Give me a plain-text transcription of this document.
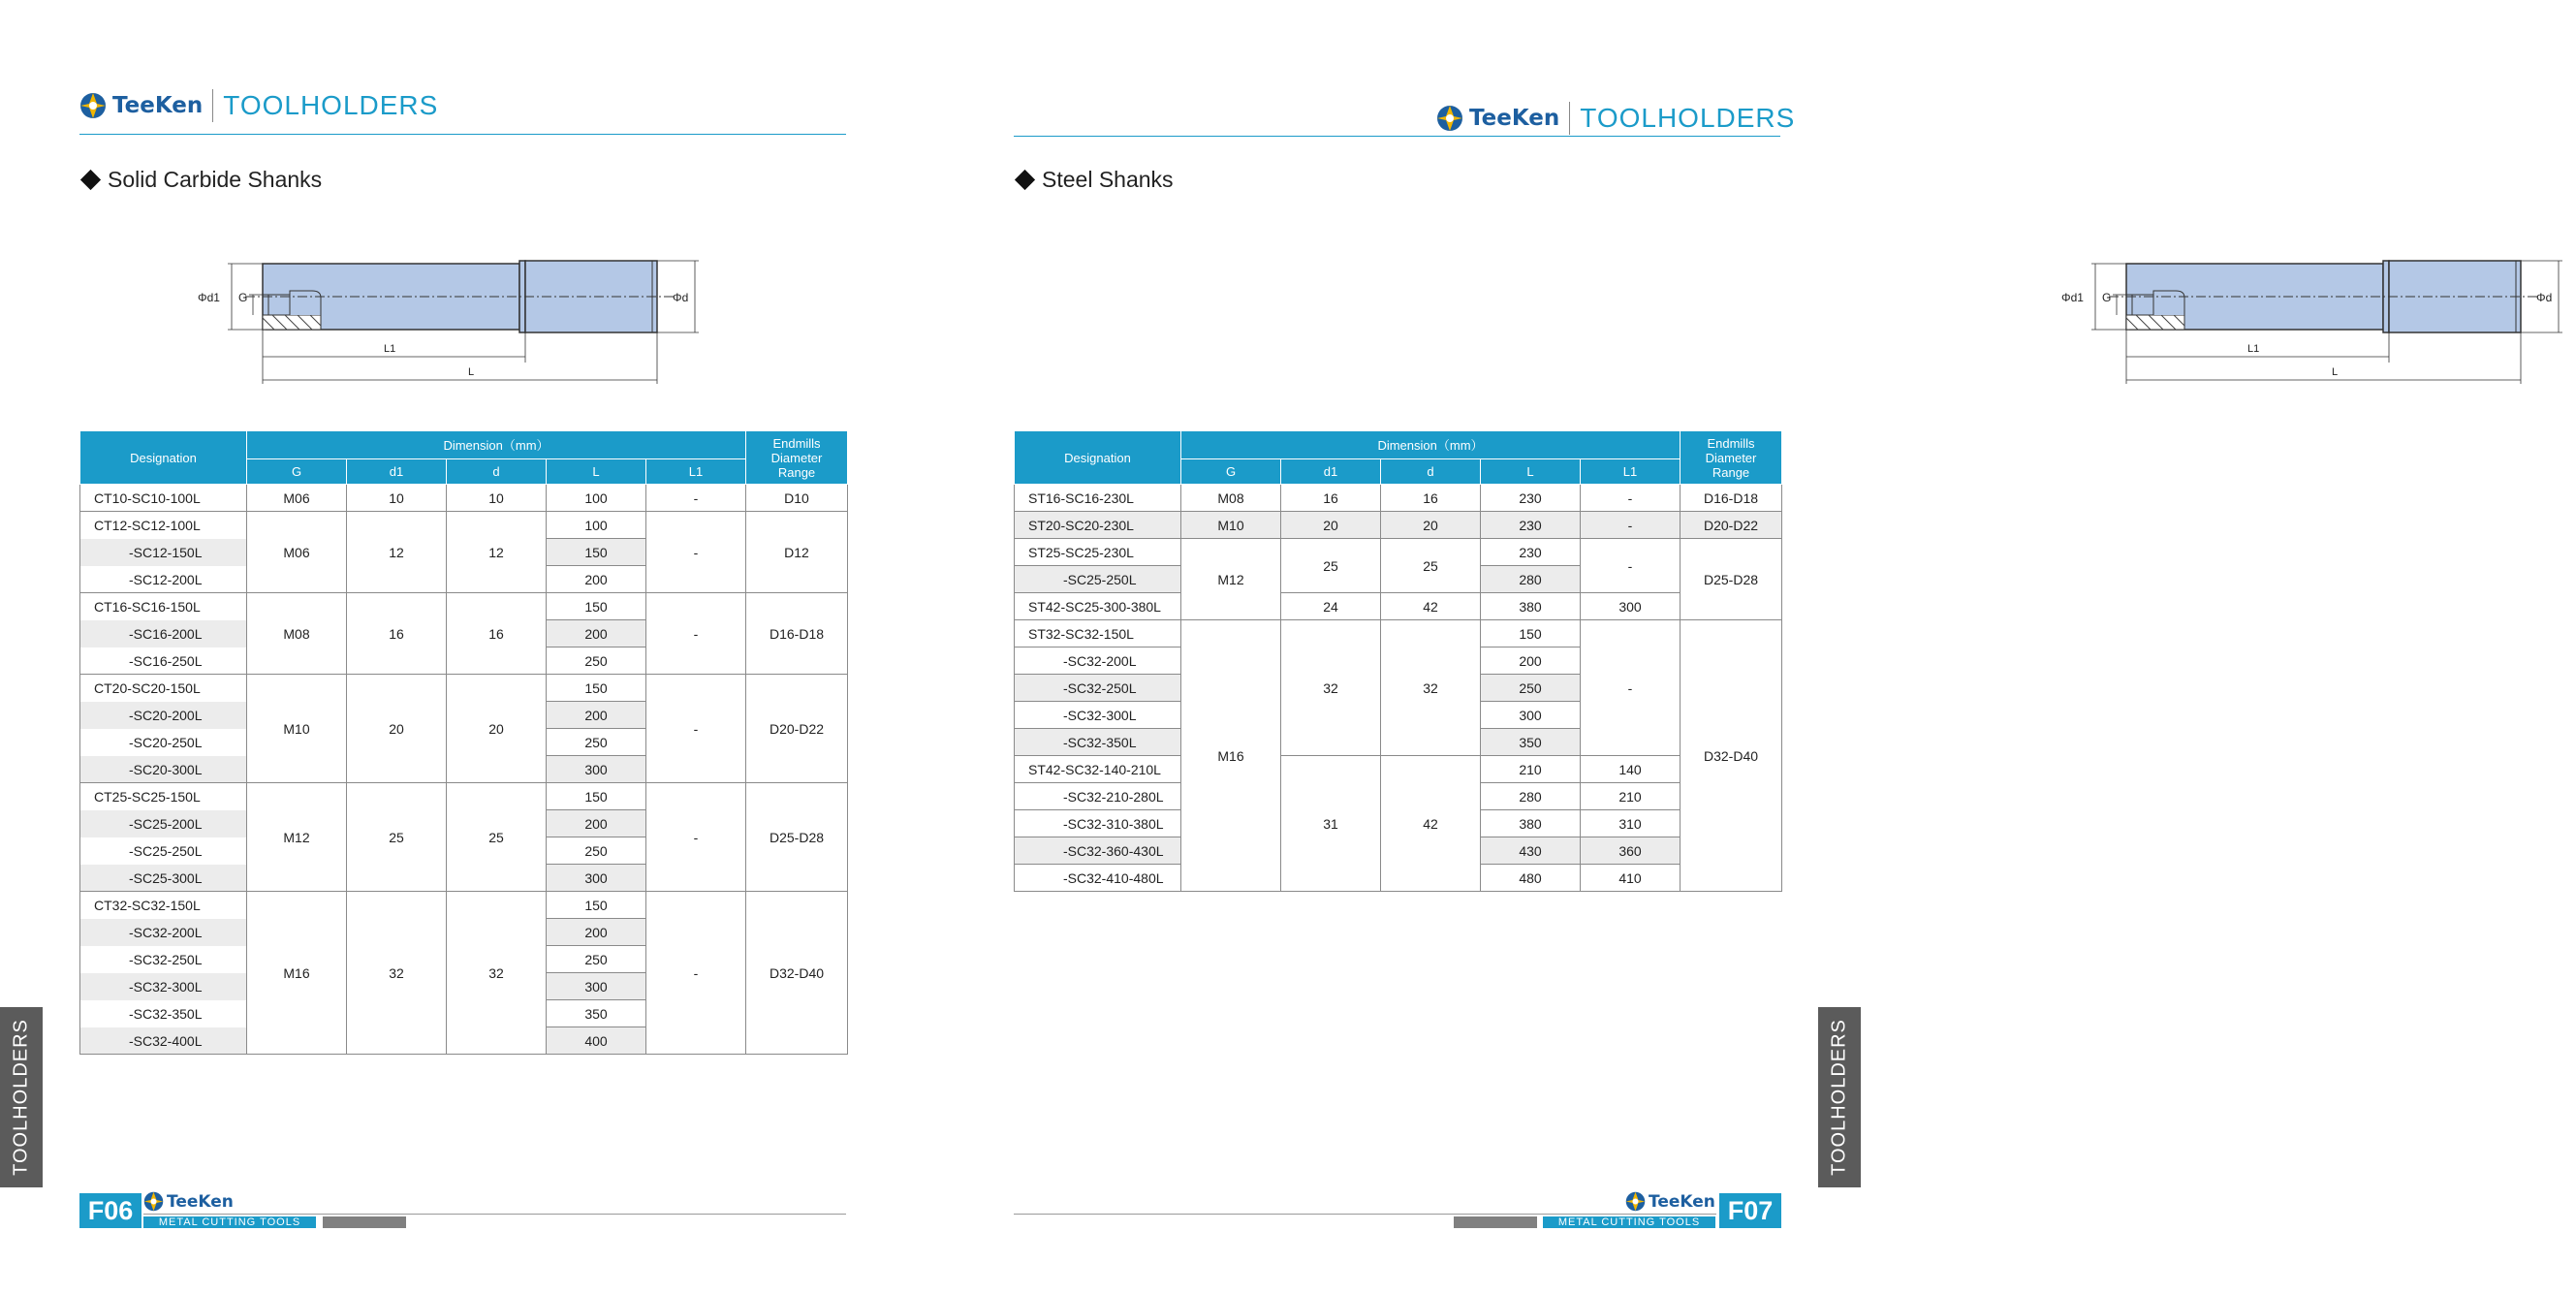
TeeKen TOOLHOLDERS
Solid Carbide Shanks
Φd1 G	Φd
L1
L
Designation	Dimension（mm）					Endmills
Diameter
Range
	G	d1	d	L	L1	
CT10-SC10-100L	M06	10	10	100	-	D10
CT12-SC12-100L	M06	12	12	100	-	D12
-SC12-150L				150		
-SC12-200L				200		
CT16-SC16-150L	M08	16	16	150	-	D16-D18
-SC16-200L				200		
-SC16-250L				250		
CT20-SC20-150L	M10	20	20	150	-	D20-D22
-SC20-200L				200		
-SC20-250L				250		
-SC20-300L				300		
CT25-SC25-150L	M12	25	25	150	-	D25-D28
-SC25-200L				200		
-SC25-250L				250		
-SC25-300L				300		
CT32-SC32-150L	M16	32	32	150	-	D32-D40
-SC32-200L				200		
-SC32-250L				250		
-SC32-300L				300		
-SC32-350L				350		
-SC32-400L				400		
TOOLHOLDERS
F06	TeeKen
METAL CUTTING TOOLS
TeeKen TOOLHOLDERS
Steel Shanks
Φd1 G	Φd
L1
L
Designation	Dimension（mm）					Endmills
Diameter
Range
	G	d1	d	L	L1	
ST16-SC16-230L	M08	16	16	230	-	D16-D18
ST20-SC20-230L	M10	20	20	230	-	D20-D22
ST25-SC25-230L	M12	25	25	230	-	D25-D28
-SC25-250L				280		
ST42-SC25-300-380L		24	42	380	300	
ST32-SC32-150L	M16	32	32	150	-	D32-D40
-SC32-200L				200		
-SC32-250L				250		
-SC32-300L				300		
-SC32-350L				350		
ST42-SC32-140-210L		31	42	210	140	
-SC32-210-280L				280	210	
-SC32-310-380L				380	310	
-SC32-360-430L				430	360	
-SC32-410-480L				480	410	
TOOLHOLDERS
TeeKen F07
METAL CUTTING TOOLS
